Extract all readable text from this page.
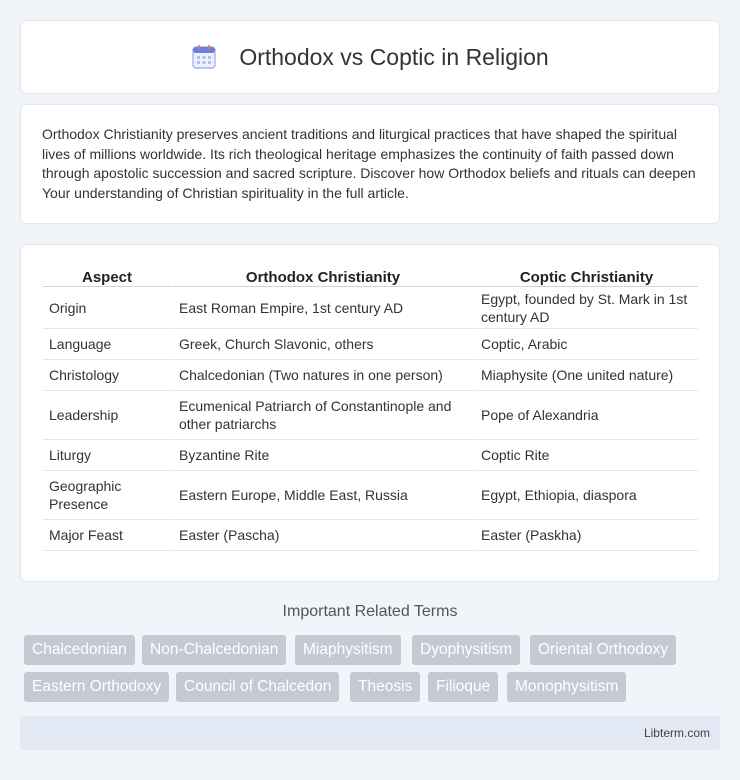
Orthodox vs Coptic in Religion

Orthodox Christianity preserves ancient traditions and liturgical practices that have shaped the spiritual lives of millions worldwide. Its rich theological heritage emphasizes the continuity of faith passed down through apostolic succession and sacred scripture. Discover how Orthodox beliefs and rituals can deepen Your understanding of Christian spirituality in the full article.

Aspect	Orthodox Christianity	Coptic Christianity
Origin	East Roman Empire, 1st century AD	Egypt, founded by St. Mark in 1st century AD
Language	Greek, Church Slavonic, others	Coptic, Arabic
Christology	Chalcedonian (Two natures in one person)	Miaphysite (One united nature)
Leadership	Ecumenical Patriarch of Constantinople and other patriarchs	Pope of Alexandria
Liturgy	Byzantine Rite	Coptic Rite
Geographic Presence	Eastern Europe, Middle East, Russia	Egypt, Ethiopia, diaspora
Major Feast	Easter (Pascha)	Easter (Paskha)
Important Related Terms
Chalcedonian	Non-Chalcedonian	Miaphysitism	Dyophysitism	Oriental Orthodoxy
Eastern Orthodoxy	Council of Chalcedon	Theosis	Filioque	Monophysitism
Libterm.com
